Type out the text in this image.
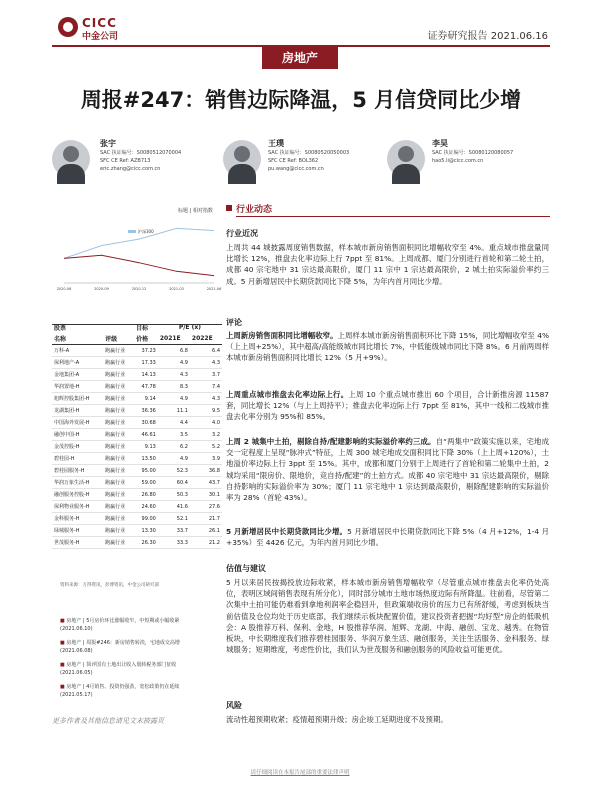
CICC
中金公司	证券研究报告 2021.06.16
房地产
周报#247：销售边际降温，5 月信贷同比少增
张宇
SAC 执证编号：S0080512070004
SFC CE Ref: AZB713
eric.zhang@cicc.com.cn
王璞
SAC 执证编号：S0080520050003
SFC CE Ref: BOL362
pu.wang@cicc.com.cn
李昊
SAC 执证编号：S0080120080057
hao5.li@cicc.com.cn
标题 | 相对指数
沪深300
2020-06	2020-09	2020-12	2021-03	2021-06
股票		目标	P/E (x)	
名称	评级	价格	2021E	2022E
万科-A	跑赢行业	37.23	6.8	6.4
保利地产-A	跑赢行业	17.33	4.9	4.3
金地集团-A	跑赢行业	14.13	4.3	3.7
华润置地-H	跑赢行业	47.78	8.3	7.4
旭辉控股集团-H	跑赢行业	9.14	4.9	4.3
龙湖集团-H	跑赢行业	36.36	11.1	9.5
中国海外发展-H	跑赢行业	30.68	4.4	4.0
融创中国-H	跑赢行业	46.61	3.5	3.2
金茂控股-H	跑赢行业	9.13	6.2	5.2
碧桂园-H	跑赢行业	13.50	4.9	3.9
碧桂园服务-H	跑赢行业	95.00	52.3	36.8
华润万象生活-H	跑赢行业	59.00	60.4	43.7
融创服务控股-H	跑赢行业	26.80	50.3	30.1
保利物业服务-H	跑赢行业	24.60	41.6	27.6
金科服务-H	跑赢行业	99.00	52.1	21.7
绿城服务-H	跑赢行业	13.30	33.7	26.1
世茂服务-H	跑赢行业	26.30	33.3	21.2
资料来源：万得资讯，彭博资讯，中金公司研究部
■ 房地产 | 5月房价环比涨幅收窄，中短期或小幅收紧
(2021.06.10)
■ 房地产 | 周报#246：新房销售转淡，宅地成交高增
(2021.06.08)
■ 房地产 | 简评国有土地出让收入划转税务部门征收
(2021.06.05)
■ 房地产 | 4月销售、投资仍强劲，宽松政策仍在延续
(2021.05.17)
更多作者及其他信息请见文末披露页
行业动态
行业近况
上周共 44 城披露周度销售数据，样本城市新房销售面积同比增幅收窄至 4%。重点城市推盘量同比增长 12%，推盘去化率边际上行 7ppt 至 81%。上周成都、厦门分别进行首轮和第二轮土拍，成都 40 宗宅地中 31 宗达最高限价，厦门 11 宗中 1 宗达最高限价，2 城土拍实际溢价率约三成。5 月新增居民中长期贷款同比下降 5%，为年内首月同比少增。
评论
上周新房销售面积同比增幅收窄。上周样本城市新房销售面积环比下降 15%，同比增幅收窄至 4%（上上周+25%），其中超高/高能级城市同比增长 7%，中低能级城市同比下降 8%。6 月前两周样本城市新房销售面积同比增长 12%（5 月+9%）。
上周重点城市推盘去化率边际上行。上周 10 个重点城市推出 60 个项目，合计新推房源 11587 套，同比增长 12%（与上上周持平）；推盘去化率边际上行 7ppt 至 81%，其中一线和二线城市推盘去化率分别为 95%和 85%。
上周 2 城集中土拍，剔除自持/配建影响的实际溢价率约三成。自“两集中”政策实施以来，宅地成交一定程度上呈现“脉冲式”特征，上周 300 城宅地成交面积同比下降 30%（上上周+120%），土地溢价率边际上行 3ppt 至 15%。其中，成都和厦门分别于上周进行了首轮和第二轮集中土拍，2 城均采用“限房价、限地价，竞自持/配建”的土拍方式。成都 40 宗宅地中 31 宗达最高限价，剔除自持影响的实际溢价率为 30%；厦门 11 宗宅地中 1 宗达到最高限价，剔除配建影响的实际溢价率为 28%（首轮 43%）。
5 月新增居民中长期贷款同比少增。5 月新增居民中长期贷款同比下降 5%（4 月+12%，1-4 月+35%）至 4426 亿元，为年内首月同比少增。
估值与建议
5 月以来居民按揭投放边际收紧，样本城市新房销售增幅收窄（尽管重点城市推盘去化率仍处高位，表明区域间销售表现有所分化），同时部分城市土地市场热度边际有所降温。往前看，尽管第二次集中土拍可能仍难看到拿地利润率企稳回升，但政策端收房价的压力已有所舒缓，考虑到板块当前估值及仓位均处于历史底部，我们继续示板块配置价值，建议投资者把握“均好型”房企的低吸机会：A 股推荐万科、保利、金地，H 股推荐华润、旭辉、龙湖、中海、融创、宝龙、越秀。在物管板块，中长期维度我们推荐碧桂园服务、华润万象生活、融创服务，关注生活服务、金科服务、绿城服务；短期维度，考虑性价比，我们认为世茂服务和融创服务的风险收益可能更优。
风险
流动性超预期收紧；疫情超预期升级；房企竣工延期进度不及预期。
请仔细阅读在本报告尾部的重要法律声明
